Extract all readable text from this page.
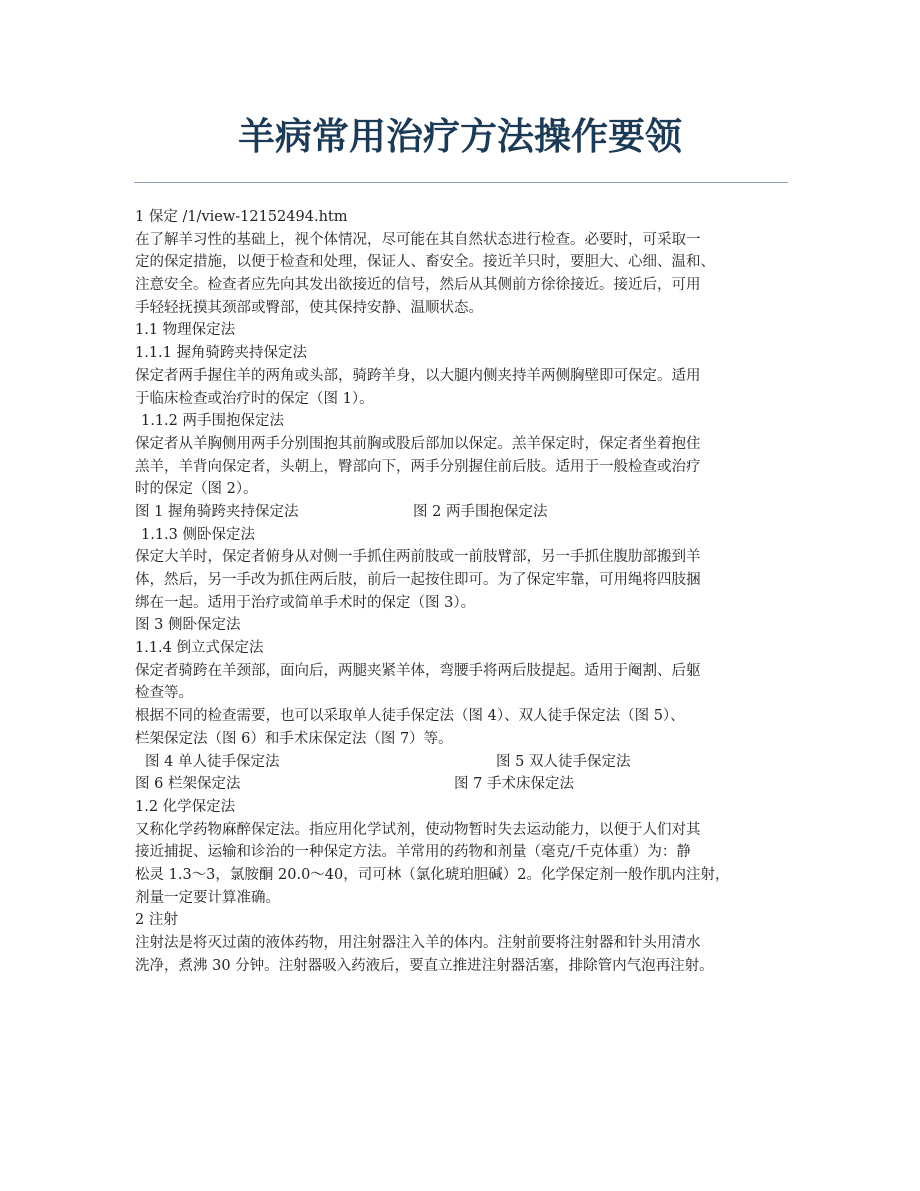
羊病常用治疗方法操作要领
1 保定 /1/view-12152494.htm
在了解羊习性的基础上，视个体情况，尽可能在其自然状态进行检查。必要时，可采取一
定的保定措施，以便于检查和处理，保证人、畜安全。接近羊只时，要胆大、心细、温和、
注意安全。检查者应先向其发出欲接近的信号，然后从其侧前方徐徐接近。接近后，可用
手轻轻抚摸其颈部或臀部，使其保持安静、温顺状态。
1.1 物理保定法
1.1.1 握角骑跨夹持保定法
保定者两手握住羊的两角或头部，骑跨羊身，以大腿内侧夹持羊两侧胸壁即可保定。适用
于临床检查或治疗时的保定（图 1）。
1.1.2 两手围抱保定法
保定者从羊胸侧用两手分别围抱其前胸或股后部加以保定。羔羊保定时，保定者坐着抱住
羔羊，羊背向保定者，头朝上，臀部向下，两手分别握住前后肢。适用于一般检查或治疗
时的保定（图 2）。
图 1 握角骑跨夹持保定法	图 2 两手围抱保定法
1.1.3 侧卧保定法
保定大羊时，保定者俯身从对侧一手抓住两前肢或一前肢臂部，另一手抓住腹肋部搬到羊
体，然后，另一手改为抓住两后肢，前后一起按住即可。为了保定牢靠，可用绳将四肢捆
绑在一起。适用于治疗或简单手术时的保定（图 3）。
图 3 侧卧保定法
1.1.4 倒立式保定法
保定者骑跨在羊颈部，面向后，两腿夹紧羊体，弯腰手将两后肢提起。适用于阉割、后躯
检查等。
根据不同的检查需要，也可以采取单人徒手保定法（图 4）、双人徒手保定法（图 5）、
栏架保定法（图 6）和手术床保定法（图 7）等。
图 4 单人徒手保定法	图 5 双人徒手保定法
图 6 栏架保定法	图 7 手术床保定法
1.2 化学保定法
又称化学药物麻醉保定法。指应用化学试剂，使动物暂时失去运动能力，以便于人们对其
接近捕捉、运输和诊治的一种保定方法。羊常用的药物和剂量（毫克/千克体重）为：静
松灵 1.3～3，氯胺酮 20.0～40，司可林（氯化琥珀胆碱）2。化学保定剂一般作肌内注射，
剂量一定要计算准确。
2 注射
注射法是将灭过菌的液体药物，用注射器注入羊的体内。注射前要将注射器和针头用清水
洗净，煮沸 30 分钟。注射器吸入药液后，要直立推进注射器活塞，排除管内气泡再注射。
